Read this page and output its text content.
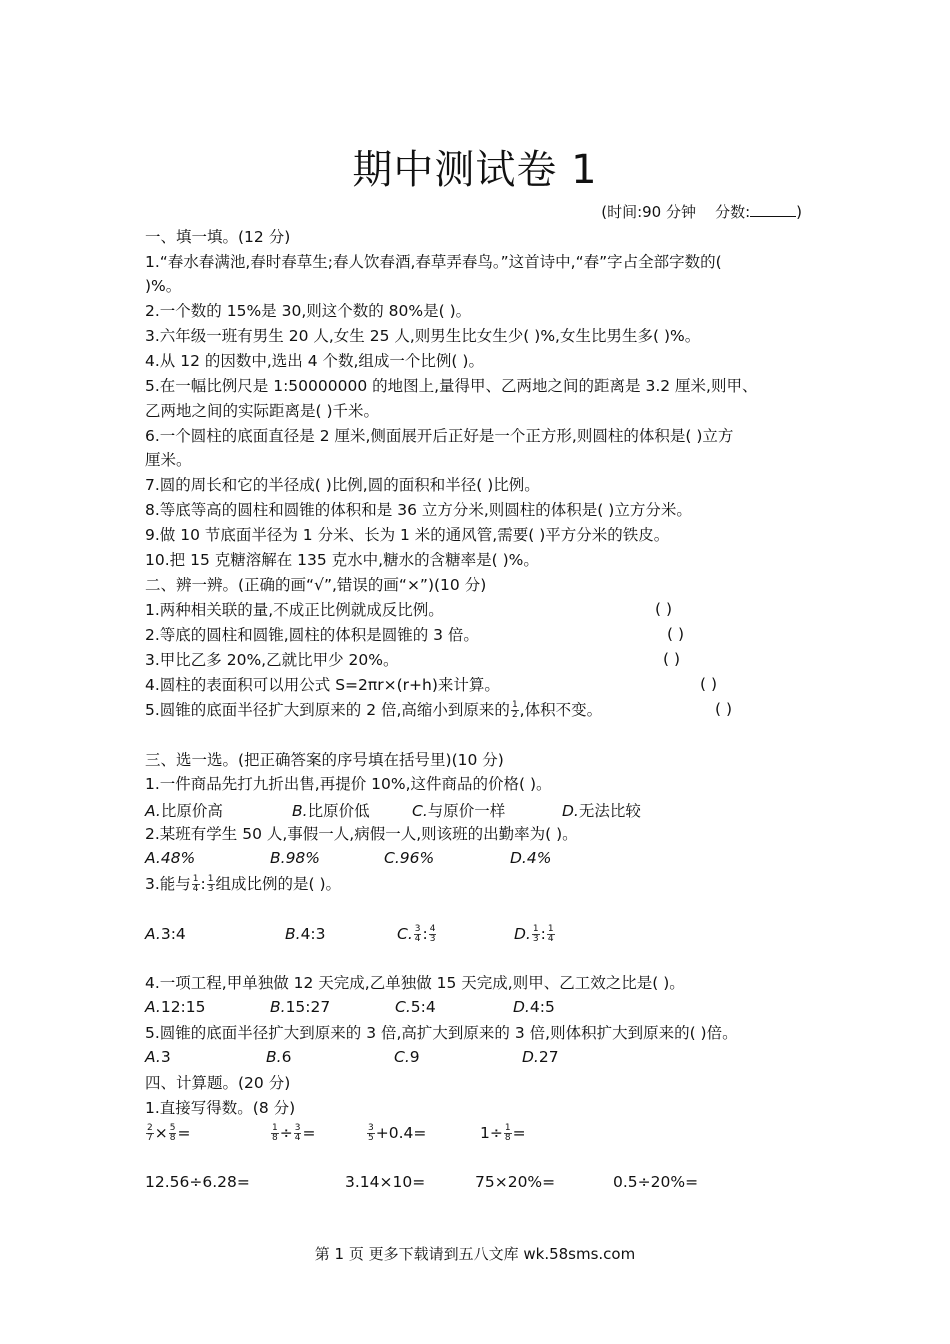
期中测试卷 1
(时间:90 分钟 分数:	)
一、填一填。(12 分)
1.“春水春满池,春时春草生;春人饮春酒,春草弄春鸟。”这首诗中,“春”字占全部字数的(
)%。
2.一个数的 15%是 30,则这个数的 80%是( )。
3.六年级一班有男生 20 人,女生 25 人,则男生比女生少( )%,女生比男生多( )%。
4.从 12 的因数中,选出 4 个数,组成一个比例( )。
5.在一幅比例尺是 1:50000000 的地图上,量得甲、乙两地之间的距离是 3.2 厘米,则甲、
乙两地之间的实际距离是( )千米。
6.一个圆柱的底面直径是 2 厘米,侧面展开后正好是一个正方形,则圆柱的体积是( )立方
厘米。
7.圆的周长和它的半径成( )比例,圆的面积和半径( )比例。
8.等底等高的圆柱和圆锥的体积和是 36 立方分米,则圆柱的体积是( )立方分米。
9.做 10 节底面半径为 1 分米、长为 1 米的通风管,需要( )平方分米的铁皮。
10.把 15 克糖溶解在 135 克水中,糖水的含糖率是( )%。
二、辨一辨。(正确的画“√”,错误的画“×”)(10 分)
1.两种相关联的量,不成正比例就成反比例。	( )
2.等底的圆柱和圆锥,圆柱的体积是圆锥的 3 倍。	( )
3.甲比乙多 20%,乙就比甲少 20%。	( )
4.圆柱的表面积可以用公式 S=2πr×(r+h)来计算。	( )
5.圆锥的底面半径扩大到原来的 2 倍,高缩小到原来的 $\frac{1}{2}$ ,体积不变。	( )
三、选一选。(把正确答案的序号填在括号里)(10 分)
1.一件商品先打九折出售,再提价 10%,这件商品的价格( )。
A.比原价高	B.比原价低	C.与原价一样	D.无法比较
2.某班有学生 50 人,事假一人,病假一人,则该班的出勤率为( )。
A.48%	B.98%	C.96%	D.4%
3.能与 $\frac{1}{4}$ : $\frac{1}{3}$ 组成比例的是( )。
A.3:4	B.4:3	C. $\frac{3}{4}$ : $\frac{4}{3}$	D. $\frac{1}{3}$ : $\frac{1}{4}$
4.一项工程,甲单独做 12 天完成,乙单独做 15 天完成,则甲、乙工效之比是( )。
A.12:15	B.15:27	C.5:4	D.4:5
5.圆锥的底面半径扩大到原来的 3 倍,高扩大到原来的 3 倍,则体积扩大到原来的( )倍。
A.3	B.6	C.9	D.27
四、计算题。(20 分)
1.直接写得数。(8 分)
$\frac{2}{7} \times \frac{5}{8}$ =	$\frac{1}{8} \div \frac{3}{4}$ =	$\frac{3}{5} +0.4=$	$1\div \frac{1}{8}$ =
12.56÷6.28=	3.14×10=	75×20%=	0.5÷20%=
第 1 页 更多下载请到五八文库 wk.58sms.com
